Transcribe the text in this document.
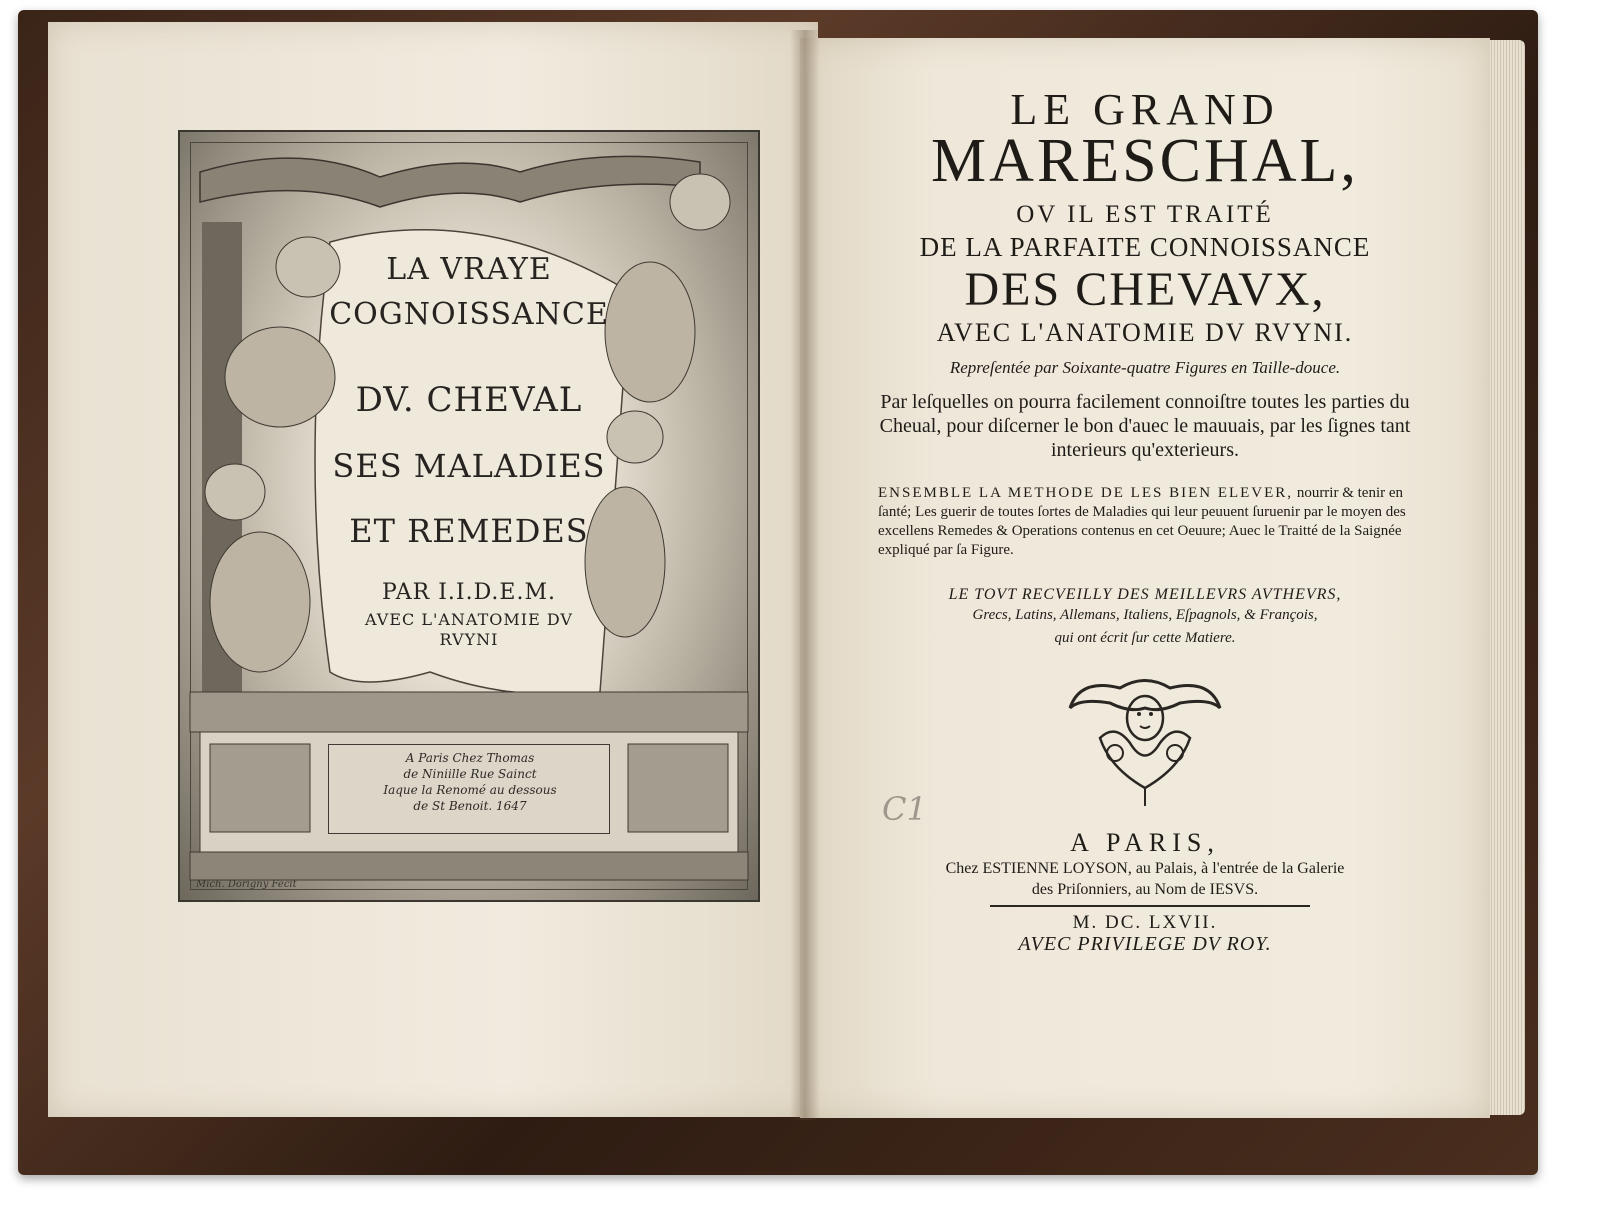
LA VRAYE
COGNOISSANCE
DV. CHEVAL
SES MALADIES
ET REMEDES
PAR I.I.D.E.M.
AVEC L'ANATOMIE DV
RVYNI
A Paris Chez Thomas
de Niniille Rue Sainct
Iaque la Renomé au dessous
de St Benoit. 1647
Mich. Dorigny Fecit
LE GRAND
MARESCHAL,
OV IL EST TRAITÉ
DE LA PARFAITE CONNOISSANCE
DES CHEVAVX,
AVEC L'ANATOMIE DV RVYNI.
Repreſentée par Soixante-quatre Figures en Taille-douce.
Par leſquelles on pourra facilement connoiſtre toutes les parties du Cheual, pour diſcerner le bon d'auec le mauuais, par les ſignes tant interieurs qu'exterieurs.
ENSEMBLE LA METHODE DE LES BIEN ELEVER, nourrir & tenir en ſanté; Les guerir de toutes ſortes de Maladies qui leur peuuent ſuruenir par le moyen des excellens Remedes & Operations contenus en cet Oeuure; Auec le Traitté de la Saignée expliqué par ſa Figure.
LE TOVT RECVEILLY DES MEILLEVRS AVTHEVRS,
Grecs, Latins, Allemans, Italiens, Eſpagnols, & François,
qui ont écrit ſur cette Matiere.
C1
A PARIS,
Chez ESTIENNE LOYSON, au Palais, à l'entrée de la Galerie
des Priſonniers, au Nom de IESVS.
M. DC. LXVII.
AVEC PRIVILEGE DV ROY.
